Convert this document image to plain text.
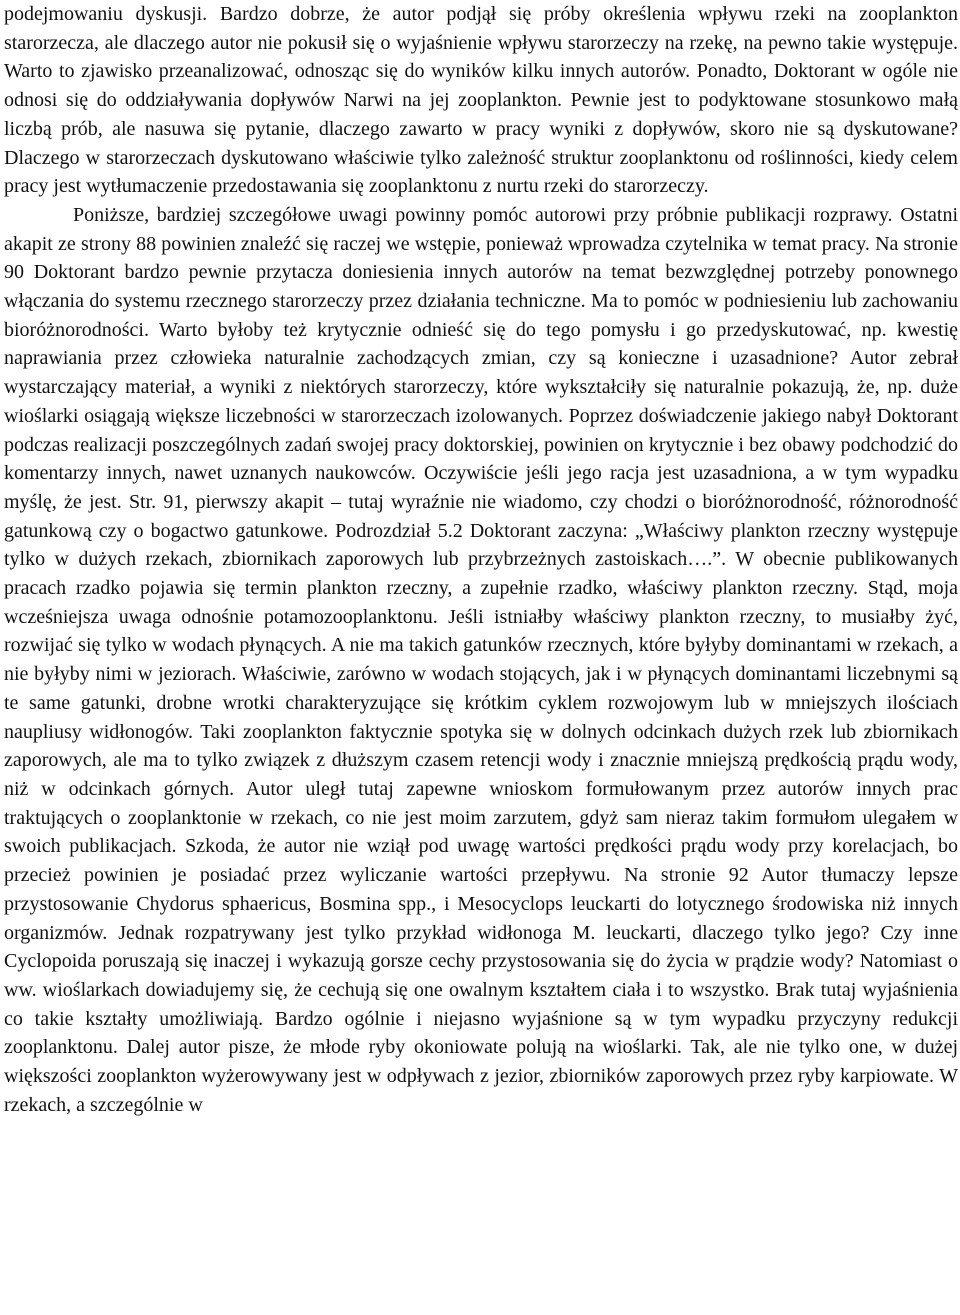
podejmowaniu dyskusji. Bardzo dobrze, że autor podjął się próby określenia wpływu rzeki na zooplankton starorzecza, ale dlaczego autor nie pokusił się o wyjaśnienie wpływu starorzeczy na rzekę, na pewno takie występuje. Warto to zjawisko przeanalizować, odnosząc się do wyników kilku innych autorów. Ponadto, Doktorant w ogóle nie odnosi się do oddziaływania dopływów Narwi na jej zooplankton. Pewnie jest to podyktowane stosunkowo małą liczbą prób, ale nasuwa się pytanie, dlaczego zawarto w pracy wyniki z dopływów, skoro nie są dyskutowane? Dlaczego w starorzeczach dyskutowano właściwie tylko zależność struktur zooplanktonu od roślinności, kiedy celem pracy jest wytłumaczenie przedostawania się zooplanktonu z nurtu rzeki do starorzeczy.

Poniższe, bardziej szczegółowe uwagi powinny pomóc autorowi przy próbnie publikacji rozprawy. Ostatni akapit ze strony 88 powinien znaleźć się raczej we wstępie, ponieważ wprowadza czytelnika w temat pracy. Na stronie 90 Doktorant bardzo pewnie przytacza doniesienia innych autorów na temat bezwzględnej potrzeby ponownego włączania do systemu rzecznego starorzeczy przez działania techniczne. Ma to pomóc w podniesieniu lub zachowaniu bioróżnorodności. Warto byłoby też krytycznie odnieść się do tego pomysłu i go przedyskutować, np. kwestię naprawiania przez człowieka naturalnie zachodzących zmian, czy są konieczne i uzasadnione? Autor zebrał wystarczający materiał, a wyniki z niektórych starorzeczy, które wykształciły się naturalnie pokazują, że, np. duże wioślarki osiągają większe liczebności w starorzeczach izolowanych. Poprzez doświadczenie jakiego nabył Doktorant podczas realizacji poszczególnych zadań swojej pracy doktorskiej, powinien on krytycznie i bez obawy podchodzić do komentarzy innych, nawet uznanych naukowców. Oczywiście jeśli jego racja jest uzasadniona, a w tym wypadku myślę, że jest. Str. 91, pierwszy akapit – tutaj wyraźnie nie wiadomo, czy chodzi o bioróżnorodność, różnorodność gatunkową czy o bogactwo gatunkowe. Podrozdział 5.2 Doktorant zaczyna: „Właściwy plankton rzeczny występuje tylko w dużych rzekach, zbiornikach zaporowych lub przybrzeżnych zastoiskach….”. W obecnie publikowanych pracach rzadko pojawia się termin plankton rzeczny, a zupełnie rzadko, właściwy plankton rzeczny. Stąd, moja wcześniejsza uwaga odnośnie potamozooplanktonu. Jeśli istniałby właściwy plankton rzeczny, to musiałby żyć, rozwijać się tylko w wodach płynących. A nie ma takich gatunków rzecznych, które byłyby dominantami w rzekach, a nie byłyby nimi w jeziorach. Właściwie, zarówno w wodach stojących, jak i w płynących dominantami liczebnymi są te same gatunki, drobne wrotki charakteryzujące się krótkim cyklem rozwojowym lub w mniejszych ilościach naupliusy widłonogów. Taki zooplankton faktycznie spotyka się w dolnych odcinkach dużych rzek lub zbiornikach zaporowych, ale ma to tylko związek z dłuższym czasem retencji wody i znacznie mniejszą prędkością prądu wody, niż w odcinkach górnych. Autor uległ tutaj zapewne wnioskom formułowanym przez autorów innych prac traktujących o zooplanktonie w rzekach, co nie jest moim zarzutem, gdyż sam nieraz takim formułom ulegałem w swoich publikacjach. Szkoda, że autor nie wziął pod uwagę wartości prędkości prądu wody przy korelacjach, bo przecież powinien je posiadać przez wyliczanie wartości przepływu. Na stronie 92 Autor tłumaczy lepsze przystosowanie Chydorus sphaericus, Bosmina spp., i Mesocyclops leuckarti do lotycznego środowiska niż innych organizmów. Jednak rozpatrywany jest tylko przykład widłonoga M. leuckarti, dlaczego tylko jego? Czy inne Cyclopoida poruszają się inaczej i wykazują gorsze cechy przystosowania się do życia w prądzie wody? Natomiast o ww. wioślarkach dowiadujemy się, że cechują się one owalnym kształtem ciała i to wszystko. Brak tutaj wyjaśnienia co takie kształty umożliwiają. Bardzo ogólnie i niejasno wyjaśnione są w tym wypadku przyczyny redukcji zooplanktonu. Dalej autor pisze, że młode ryby okoniowate polują na wioślarki. Tak, ale nie tylko one, w dużej większości zooplankton wyżerowywany jest w odpływach z jezior, zbiorników zaporowych przez ryby karpiowate. W rzekach, a szczególnie w
